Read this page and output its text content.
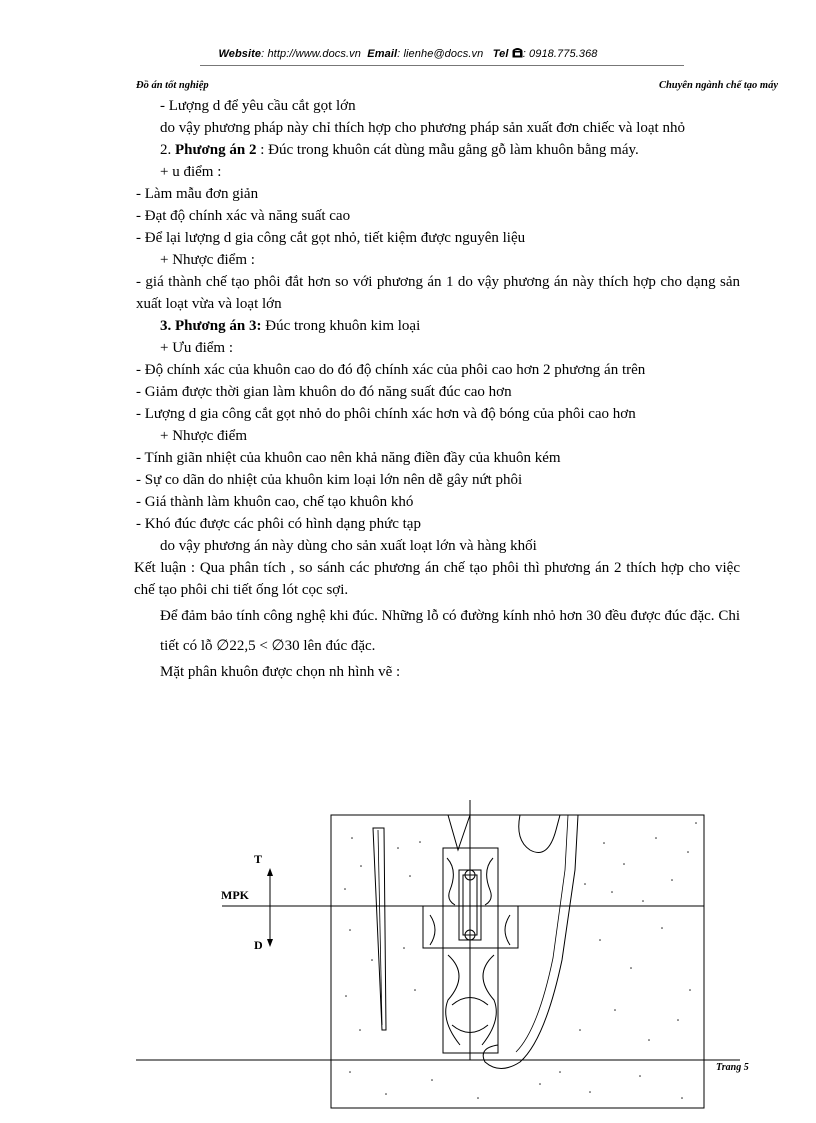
Website: http://www.docs.vn Email: lienhe@docs.vn Tel : 0918.775.368
Đồ án tốt nghiệp	Chuyên ngành chế tạo máy

- Lượng d để yêu cầu cắt gọt lớn

do vậy phương pháp này chỉ thích hợp cho phương pháp sản xuất đơn chiếc và loạt nhỏ

2. Phương án 2 : Đúc trong khuôn cát dùng mẫu gằng gỗ làm khuôn bằng máy.

+ u điểm :

- Làm mẫu đơn giản

- Đạt độ chính xác và năng suất cao

- Để lại lượng d gia công cắt gọt nhỏ, tiết kiệm được nguyên liệu

+ Nhược điểm :

- giá thành chế tạo phôi đắt hơn so với phương án 1 do vậy phương án này thích hợp cho dạng sản xuất loạt vừa và loạt lớn

3. Phương án 3: Đúc trong khuôn kim loại

+ Ưu điểm :

- Độ chính xác của khuôn cao do đó độ chính xác của phôi cao hơn 2 phương án trên

- Giảm được thời gian làm khuôn do đó năng suất đúc cao hơn

- Lượng d gia công cắt gọt nhỏ do phôi chính xác hơn và độ bóng của phôi cao hơn

+ Nhược điểm

- Tính giãn nhiệt của khuôn cao nên khả năng điền đầy của khuôn kém

- Sự co dãn do nhiệt của khuôn kim loại lớn nên dễ gây nứt phôi

- Giá thành làm khuôn cao, chế tạo khuôn khó

- Khó đúc được các phôi có hình dạng phức tạp

do vậy phương án này dùng cho sản xuất loạt lớn và hàng khối

Kết luận : Qua phân tích , so sánh các phương án chế tạo phôi thì phương án 2 thích hợp cho việc chế tạo phôi chi tiết ống lót cọc sợi.

Để đảm bảo tính công nghệ khi đúc. Những lỗ có đường kính nhỏ hơn 30 đều được đúc đặc. Chi tiết có lỗ ∅22,5 < ∅30 lên đúc đặc.

Mặt phân khuôn được chọn nh hình vẽ :

T
MPK
D
Trang 5
